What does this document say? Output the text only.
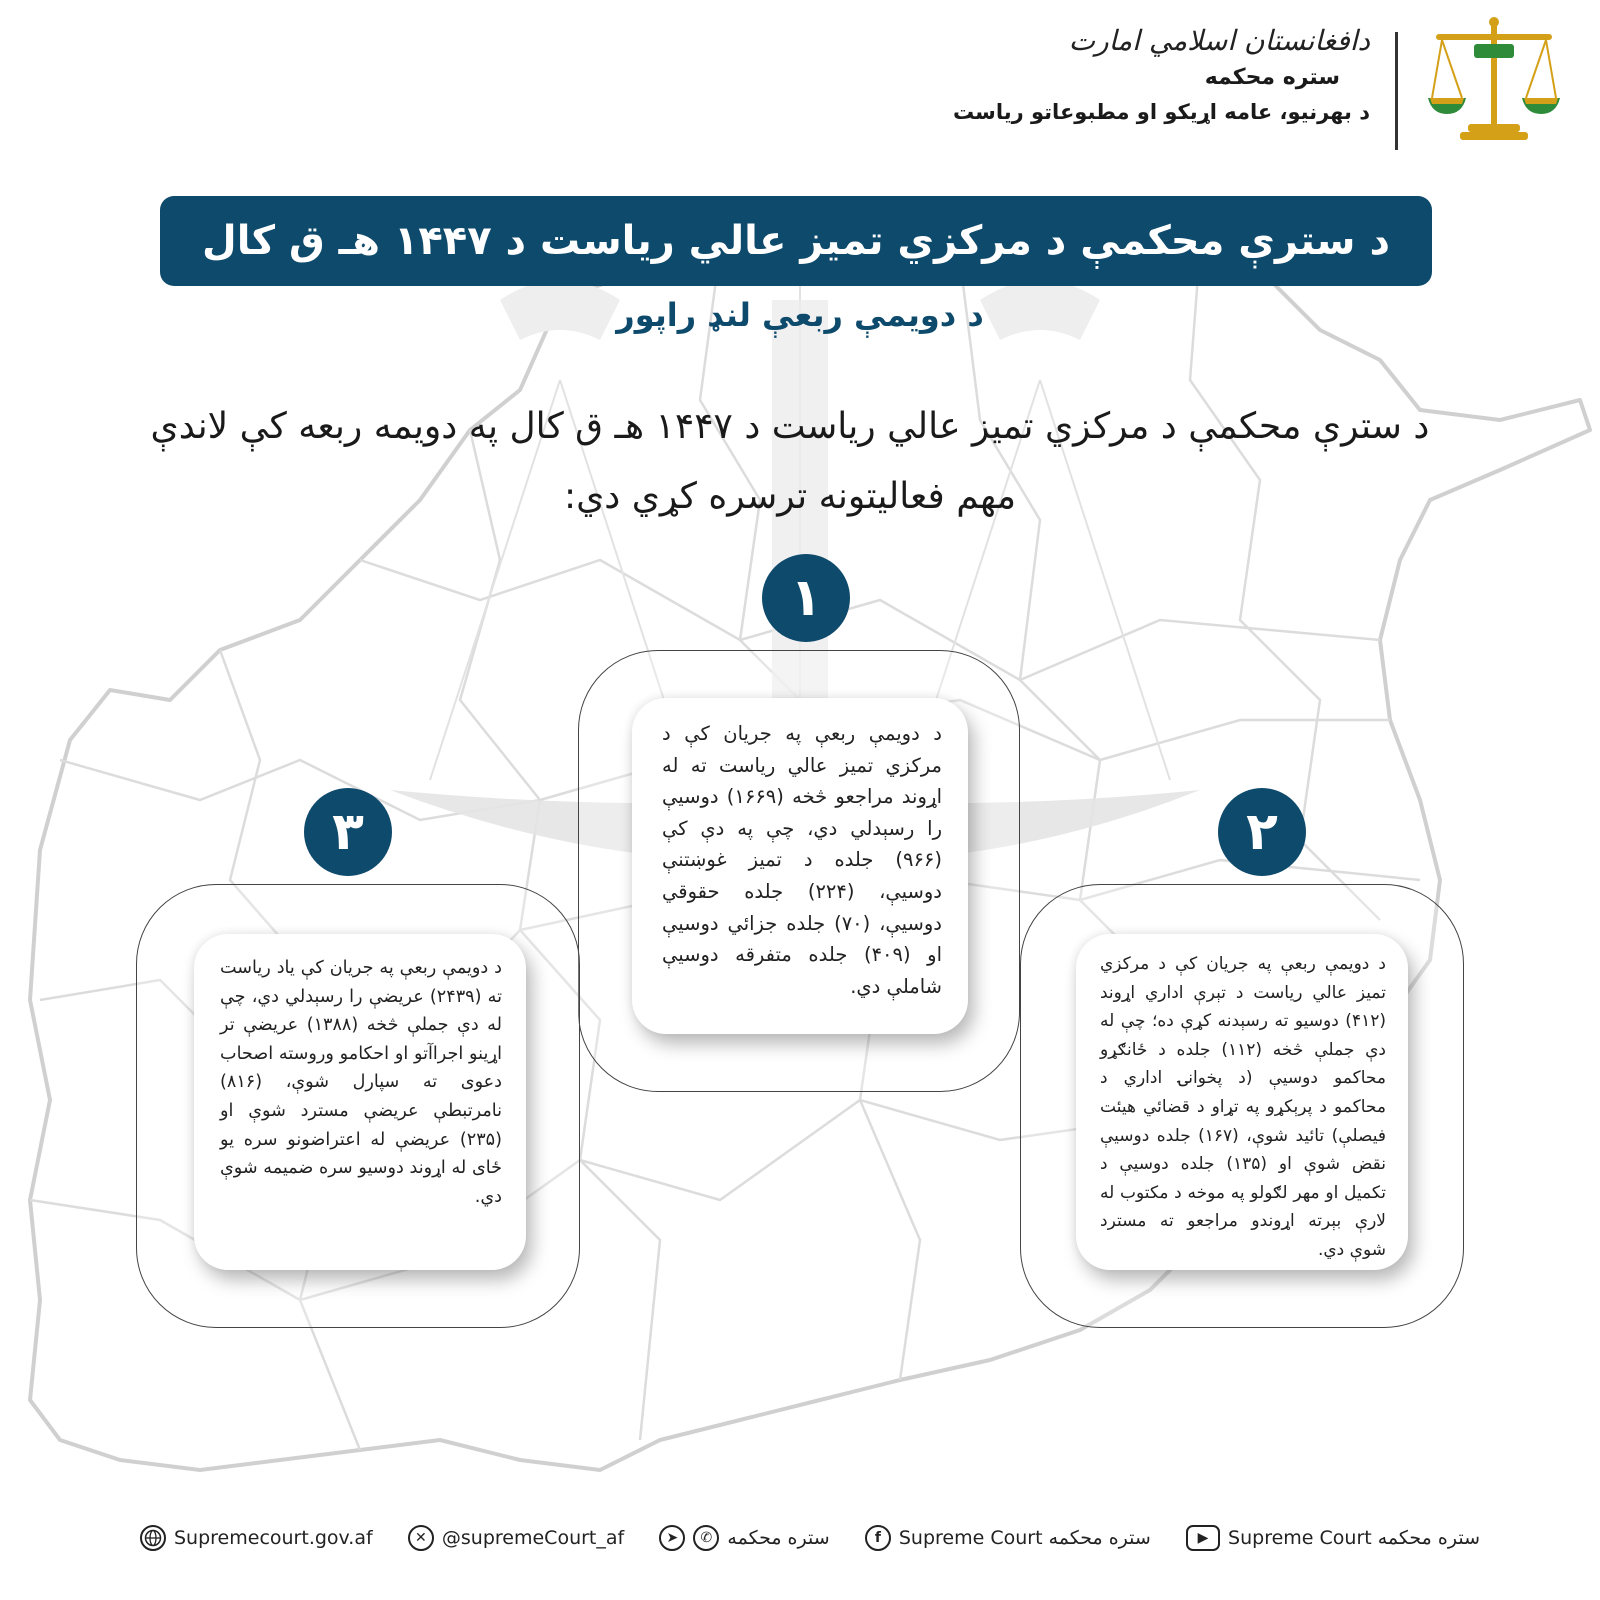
دافغانستان اسلامي امارت
ستره محکمه
د بهرنيو، عامه اړيکو او مطبوعاتو رياست
د سترې محکمې د مرکزي تميز عالي رياست د ۱۴۴۷ هـ ق کال
د دويمې ربعې لنډ راپور
د سترې محکمې د مرکزي تميز عالي رياست د ۱۴۴۷ هـ ق کال په دويمه ربعه کې لاندې مهم فعاليتونه ترسره کړي دي:
۱
د دويمې ربعې په جريان کې د مرکزي تميز عالي رياست ته له اړوند مراجعو څخه (۱۶۶۹) دوسيې را رسېدلي دي، چې په دې کې (۹۶۶) جلده د تميز غوښتنې دوسيې، (۲۲۴) جلده حقوقي دوسيې، (۷۰) جلده جزائي دوسيې او (۴۰۹) جلده متفرقه دوسيې شاملې دي.
۲
د دويمې ربعې په جريان کې د مرکزي تميز عالي رياست د تېرې اداري اړوند (۴۱۲) دوسيو ته رسېدنه کړې ده؛ چې له دې جملې څخه (۱۱۲) جلده د ځانګړو محاکمو دوسيې (د پخوانۍ اداري د محاکمو د پرېکړو په تړاو د قضائي هيئت فيصلې) تائيد شوې، (۱۶۷) جلده دوسيې نقض شوې او (۱۳۵) جلده دوسيې د تکميل او مهر لګولو په موخه د مکتوب له لارې بېرته اړوندو مراجعو ته مسترد شوې دي.
۳
د دويمې ربعې په جريان کې ياد رياست ته (۲۴۳۹) عريضې را رسېدلي دي، چې له دې جملې څخه (۱۳۸۸) عريضې تر اړينو اجراآتو او احکامو وروسته اصحاب دعوی ته سپارل شوې، (۸۱۶) نامرتبطې عريضې مسترد شوې او (۲۳۵) عريضې له اعتراضونو سره يو ځای له اړوند دوسيو سره ضميمه شوې دي.
Supremecourt.gov.af	✕ @supremeCourt_af	➤	✆ ستره محکمه	f Supreme Court ستره محکمه	▶	Supreme Court ستره محکمه
